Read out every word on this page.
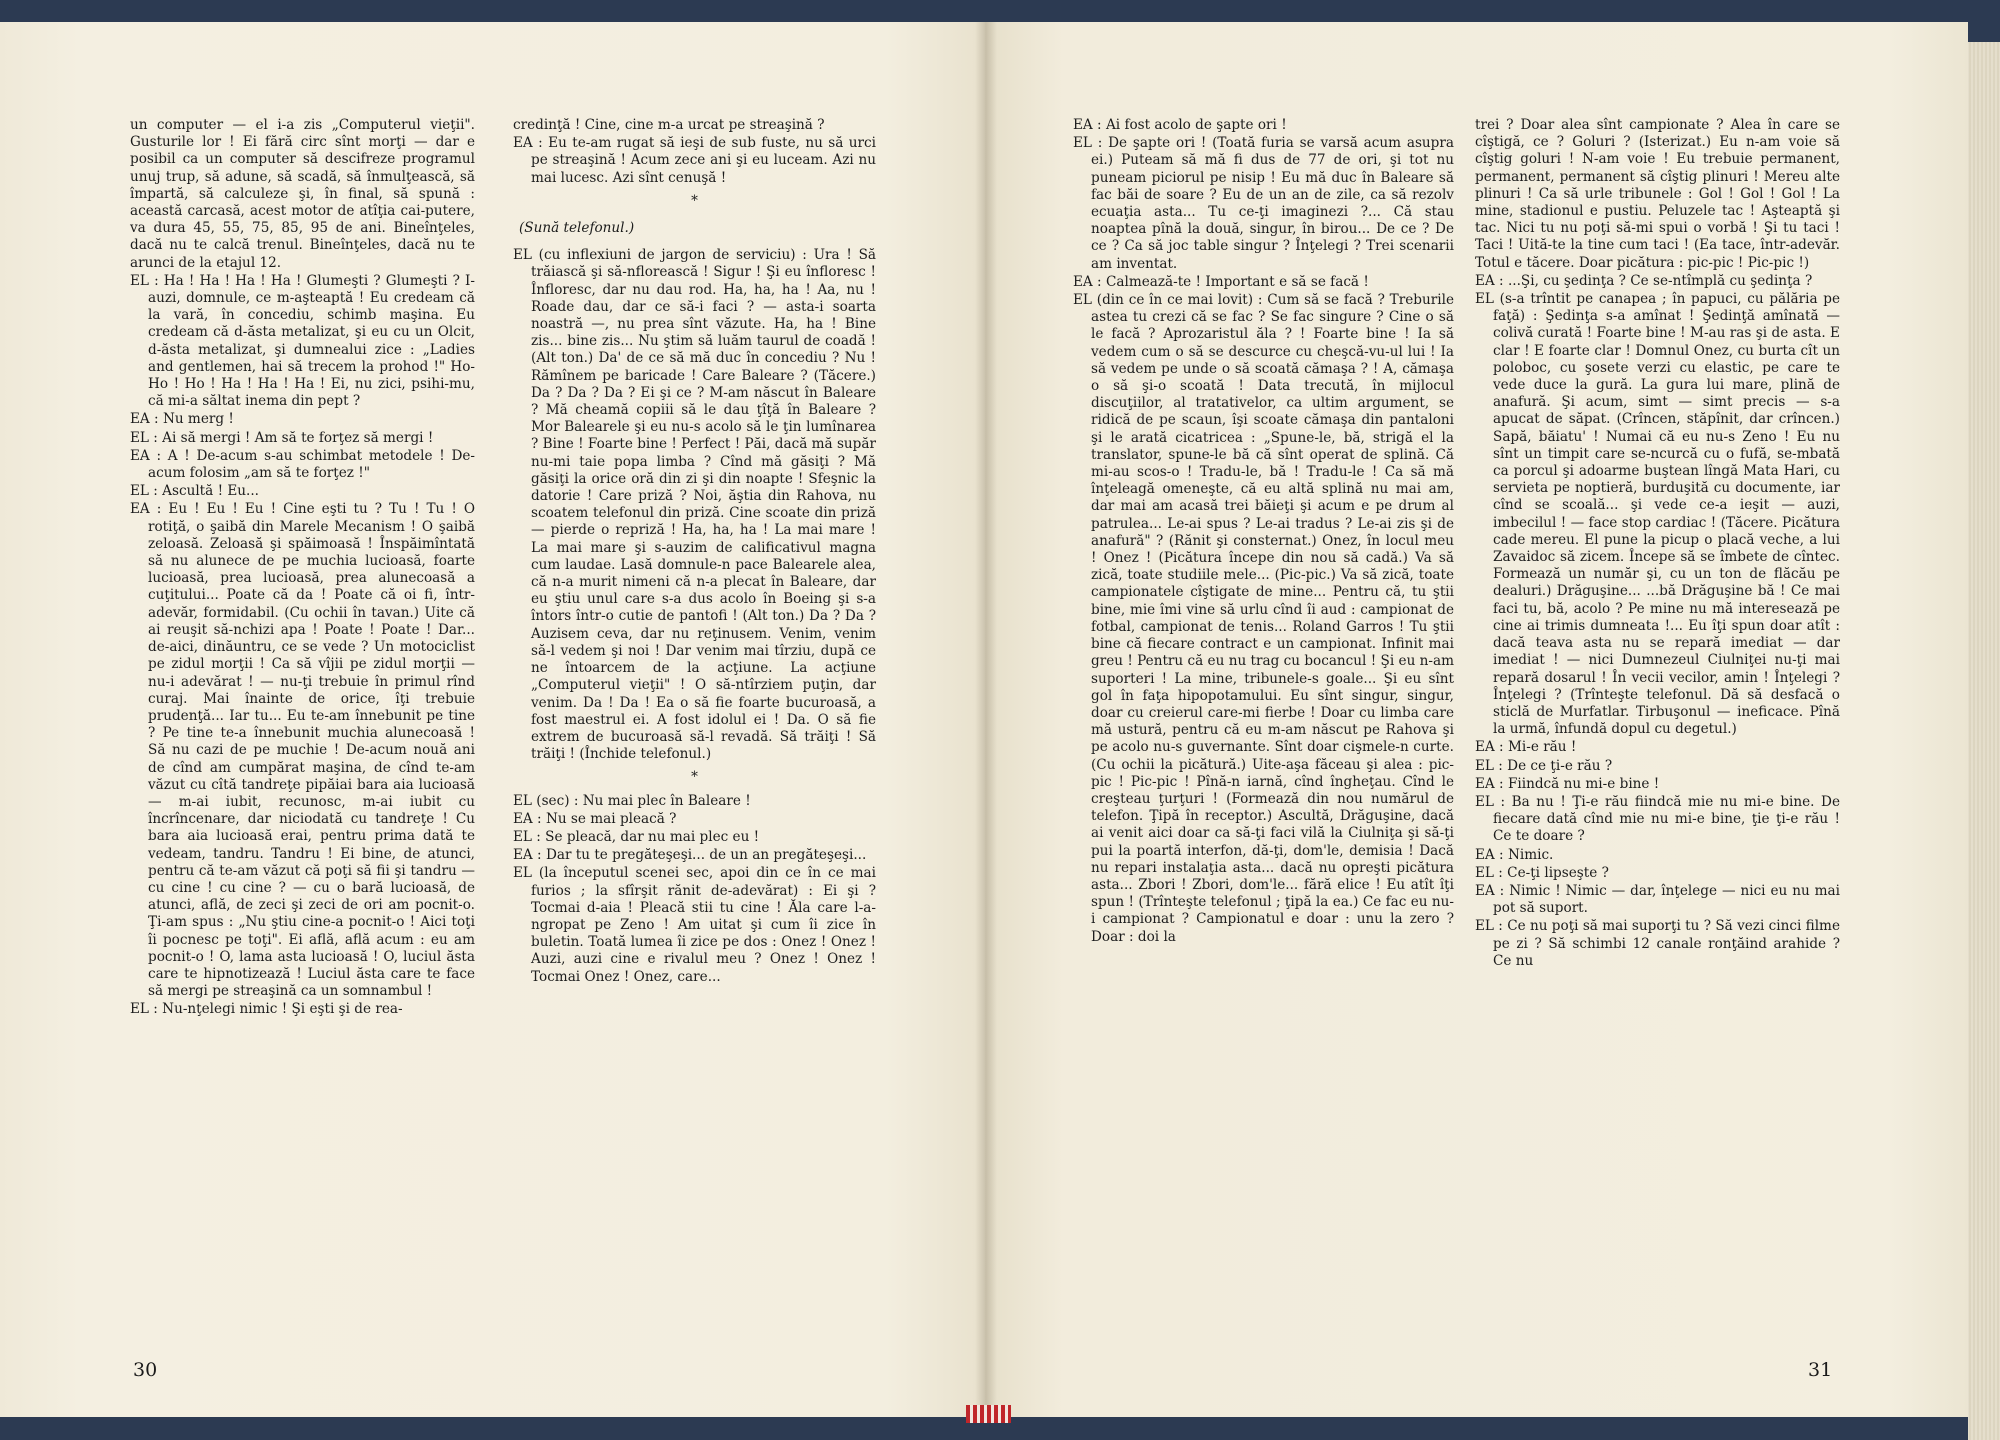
un computer — el i-a zis „Computerul vieţii". Gusturile lor ! Ei fără circ sînt morţi — dar e posibil ca un computer să descifreze programul unuj trup, să adune, să scadă, să înmulţească, să împartă, să calculeze şi, în final, să spună : această carcasă, acest motor de atîţia cai-putere, va dura 45, 55, 75, 85, 95 de ani. Bineînţeles, dacă nu te calcă trenul. Bineînţeles, dacă nu te arunci de la etajul 12.

EL : Ha ! Ha ! Ha ! Ha ! Glumeşti ? Glumeşti ? I-auzi, domnule, ce m-aşteaptă ! Eu credeam că la vară, în concediu, schimb maşina. Eu credeam că d-ăsta metalizat, şi eu cu un Olcit, d-ăsta metalizat, şi dumnealui zice : „Ladies and gentlemen, hai să trecem la prohod !" Ho-Ho ! Ho ! Ha ! Ha ! Ha ! Ei, nu zici, psihi-mu, că mi-a săltat inema din pept ?

EA : Nu merg !

EL : Ai să mergi ! Am să te forţez să mergi !

EA : A ! De-acum s-au schimbat metodele ! De-acum folosim „am să te forţez !"

EL : Ascultă ! Eu...

EA : Eu ! Eu ! Eu ! Cine eşti tu ? Tu ! Tu ! O rotiţă, o şaibă din Marele Mecanism ! O şaibă zeloasă. Zeloasă şi spăimoasă ! Înspăimîntată să nu alunece de pe muchia lucioasă, foarte lucioasă, prea lucioasă, prea alunecoasă a cuţitului... Poate că da ! Poate că oi fi, într-adevăr, formidabil. (Cu ochii în tavan.) Uite că ai reuşit să-nchizi apa ! Poate ! Poate ! Dar... de-aici, dinăuntru, ce se vede ? Un motociclist pe zidul morţii ! Ca să vîjii pe zidul morţii — nu-i adevărat ! — nu-ţi trebuie în primul rînd curaj. Mai înainte de orice, îţi trebuie prudenţă... Iar tu... Eu te-am înnebunit pe tine ? Pe tine te-a înnebunit muchia alunecoasă ! Să nu cazi de pe muchie ! De-acum nouă ani de cînd am cumpărat maşina, de cînd te-am văzut cu cîtă tandreţe pipăiai bara aia lucioasă — m-ai iubit, recunosc, m-ai iubit cu încrîncenare, dar niciodată cu tandreţe ! Cu bara aia lucioasă erai, pentru prima dată te vedeam, tandru. Tandru ! Ei bine, de atunci, pentru că te-am văzut că poţi să fii şi tandru — cu cine ! cu cine ? — cu o bară lucioasă, de atunci, află, de zeci şi zeci de ori am pocnit-o. Ţi-am spus : „Nu ştiu cine-a pocnit-o ! Aici toţi îi pocnesc pe toţi". Ei află, află acum : eu am pocnit-o ! O, lama asta lucioasă ! O, luciul ăsta care te hipnotizează ! Luciul ăsta care te face să mergi pe streaşină ca un somnambul !

EL : Nu-nţelegi nimic ! Şi eşti şi de rea-

credinţă ! Cine, cine m-a urcat pe streaşină ?

EA : Eu te-am rugat să ieşi de sub fuste, nu să urci pe streaşină ! Acum zece ani şi eu luceam. Azi nu mai lucesc. Azi sînt cenuşă !

*

(Sună telefonul.)

EL (cu inflexiuni de jargon de serviciu) : Ura ! Să trăiască şi să-nflorească ! Sigur ! Şi eu înfloresc ! Înfloresc, dar nu dau rod. Ha, ha, ha ! Aa, nu ! Roade dau, dar ce să-i faci ? — asta-i soarta noastră —, nu prea sînt văzute. Ha, ha ! Bine zis... bine zis... Nu ştim să luăm taurul de coadă ! (Alt ton.) Da' de ce să mă duc în concediu ? Nu ! Rămînem pe baricade ! Care Baleare ? (Tăcere.) Da ? Da ? Da ? Ei şi ce ? M-am născut în Baleare ? Mă cheamă copiii să le dau ţîţă în Baleare ? Mor Balearele şi eu nu-s acolo să le ţin lumînarea ? Bine ! Foarte bine ! Perfect ! Păi, dacă mă supăr nu-mi taie popa limba ? Cînd mă găsiţi ? Mă găsiţi la orice oră din zi şi din noapte ! Sfeşnic la datorie ! Care priză ? Noi, ăştia din Rahova, nu scoatem telefonul din priză. Cine scoate din priză — pierde o repriză ! Ha, ha, ha ! La mai mare ! La mai mare şi s-auzim de calificativul magna cum laudae. Lasă domnule-n pace Balearele alea, că n-a murit nimeni că n-a plecat în Baleare, dar eu ştiu unul care s-a dus acolo în Boeing şi s-a întors într-o cutie de pantofi ! (Alt ton.) Da ? Da ? Auzisem ceva, dar nu reţinusem. Venim, venim să-l vedem şi noi ! Dar venim mai tîrziu, după ce ne întoarcem de la acţiune. La acţiune „Computerul vieţii" ! O să-ntîrziem puţin, dar venim. Da ! Da ! Ea o să fie foarte bucuroasă, a fost maestrul ei. A fost idolul ei ! Da. O să fie extrem de bucuroasă să-l revadă. Să trăiţi ! Să trăiţi ! (Închide telefonul.)

*

EL (sec) : Nu mai plec în Baleare !

EA : Nu se mai pleacă ?

EL : Se pleacă, dar nu mai plec eu !

EA : Dar tu te pregăteşeşi... de un an pregăteşeşi...

EL (la începutul scenei sec, apoi din ce în ce mai furios ; la sfîrşit rănit de-adevărat) : Ei şi ? Tocmai d-aia ! Pleacă stii tu cine ! Ăla care l-a-ngropat pe Zeno ! Am uitat şi cum îi zice în buletin. Toată lumea îi zice pe dos : Onez ! Onez ! Auzi, auzi cine e rivalul meu ? Onez ! Onez ! Tocmai Onez ! Onez, care...

30

EA : Ai fost acolo de şapte ori !

EL : De şapte ori ! (Toată furia se varsă acum asupra ei.) Puteam să mă fi dus de 77 de ori, şi tot nu puneam piciorul pe nisip ! Eu mă duc în Baleare să fac băi de soare ? Eu de un an de zile, ca să rezolv ecuaţia asta... Tu ce-ţi imaginezi ?... Că stau noaptea pînă la două, singur, în birou... De ce ? De ce ? Ca să joc table singur ? Înţelegi ? Trei scenarii am inventat.

EA : Calmează-te ! Important e să se facă !

EL (din ce în ce mai lovit) : Cum să se facă ? Treburile astea tu crezi că se fac ? Se fac singure ? Cine o să le facă ? Aprozaristul ăla ? ! Foarte bine ! Ia să vedem cum o să se descurce cu cheşcă-vu-ul lui ! Ia să vedem pe unde o să scoată cămaşa ? ! A, cămaşa o să şi-o scoată ! Data trecută, în mijlocul discuţiilor, al tratativelor, ca ultim argument, se ridică de pe scaun, îşi scoate cămaşa din pantaloni şi le arată cicatricea : „Spune-le, bă, strigă el la translator, spune-le bă că sînt operat de splină. Că mi-au scos-o ! Tradu-le, bă ! Tradu-le ! Ca să mă înţeleagă omeneşte, că eu altă splină nu mai am, dar mai am acasă trei băieţi şi acum e pe drum al patrulea... Le-ai spus ? Le-ai tradus ? Le-ai zis şi de anafură" ? (Rănit şi consternat.) Onez, în locul meu ! Onez ! (Picătura începe din nou să cadă.) Va să zică, toate studiile mele... (Pic-pic.) Va să zică, toate campionatele cîştigate de mine... Pentru că, tu ştii bine, mie îmi vine să urlu cînd îi aud : campionat de fotbal, campionat de tenis... Roland Garros ! Tu ştii bine că fiecare contract e un campionat. Infinit mai greu ! Pentru că eu nu trag cu bocancul ! Şi eu n-am suporteri ! La mine, tribunele-s goale... Şi eu sînt gol în faţa hipopotamului. Eu sînt singur, singur, doar cu creierul care-mi fierbe ! Doar cu limba care mă ustură, pentru că eu m-am născut pe Rahova şi pe acolo nu-s guvernante. Sînt doar cişmele-n curte. (Cu ochii la picătură.) Uite-aşa făceau şi alea : pic-pic ! Pic-pic ! Pînă-n iarnă, cînd îngheţau. Cînd le creşteau ţurţuri ! (Formează din nou numărul de telefon. Ţipă în receptor.) Ascultă, Drăguşine, dacă ai venit aici doar ca să-ţi faci vilă la Ciulniţa şi să-ţi pui la poartă interfon, dă-ţi, dom'le, demisia ! Dacă nu repari instalaţia asta... dacă nu opreşti picătura asta... Zbori ! Zbori, dom'le... fără elice ! Eu atît îţi spun ! (Trînteşte telefonul ; ţipă la ea.) Ce fac eu nu-i campionat ? Campionatul e doar : unu la zero ? Doar : doi la

trei ? Doar alea sînt campionate ? Alea în care se cîştigă, ce ? Goluri ? (Isterizat.) Eu n-am voie să cîştig goluri ! N-am voie ! Eu trebuie permanent, permanent, permanent să cîştig plinuri ! Mereu alte plinuri ! Ca să urle tribunele : Gol ! Gol ! Gol ! La mine, stadionul e pustiu. Peluzele tac ! Aşteaptă şi tac. Nici tu nu poţi să-mi spui o vorbă ! Şi tu taci ! Taci ! Uită-te la tine cum taci ! (Ea tace, într-adevăr. Totul e tăcere. Doar picătura : pic-pic ! Pic-pic !)

EA : ...Şi, cu şedinţa ? Ce se-ntîmplă cu şedinţa ?

EL (s-a trîntit pe canapea ; în papuci, cu pălăria pe faţă) : Şedinţa s-a amînat ! Şedinţă amînată — colivă curată ! Foarte bine ! M-au ras şi de asta. E clar ! E foarte clar ! Domnul Onez, cu burta cît un poloboc, cu şosete verzi cu elastic, pe care te vede duce la gură. La gura lui mare, plină de anafură. Şi acum, simt — simt precis — s-a apucat de săpat. (Crîncen, stăpînit, dar crîncen.) Sapă, băiatu' ! Numai că eu nu-s Zeno ! Eu nu sînt un timpit care se-ncurcă cu o fufă, se-mbată ca porcul şi adoarme buştean lîngă Mata Hari, cu servieta pe noptieră, burduşită cu documente, iar cînd se scoală... şi vede ce-a ieşit — auzi, imbecilul ! — face stop cardiac ! (Tăcere. Picătura cade mereu. El pune la picup o placă veche, a lui Zavaidoc să zicem. Începe să se îmbete de cîntec. Formează un număr şi, cu un ton de flăcău pe dealuri.) Drăguşine... ...bă Drăguşine bă ! Ce mai faci tu, bă, acolo ? Pe mine nu mă interesează pe cine ai trimis dumneata !... Eu îţi spun doar atît : dacă teava asta nu se repară imediat — dar imediat ! — nici Dumnezeul Ciulniţei nu-ţi mai repară dosarul ! În vecii vecilor, amin ! Înţelegi ? Înţelegi ? (Trînteşte telefonul. Dă să desfacă o sticlă de Murfatlar. Tirbuşonul — ineficace. Pînă la urmă, înfundă dopul cu degetul.)

EA : Mi-e rău !

EL : De ce ţi-e rău ?

EA : Fiindcă nu mi-e bine !

EL : Ba nu ! Ţi-e rău fiindcă mie nu mi-e bine. De fiecare dată cînd mie nu mi-e bine, ţie ţi-e rău ! Ce te doare ?

EA : Nimic.

EL : Ce-ţi lipseşte ?

EA : Nimic ! Nimic — dar, înţelege — nici eu nu mai pot să suport.

EL : Ce nu poţi să mai suporţi tu ? Să vezi cinci filme pe zi ? Să schimbi 12 canale ronţăind arahide ? Ce nu

31
